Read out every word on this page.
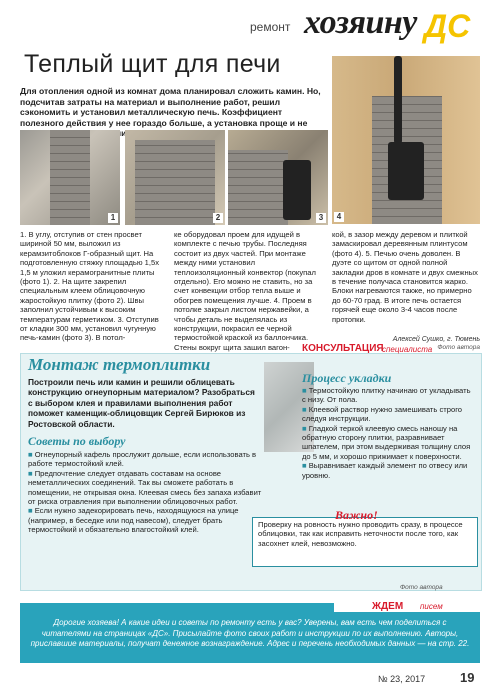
ремонт хозяину ДС
Теплый щит для печи
Для отопления одной из комнат дома планировал сложить камин. Но, подсчитав затраты на материал и выполнение работ, решил сэкономить и установил металлическую печь. Коэффициент полезного действия у нее гораздо больше, а установка проще и не
1	2	3	4
1. В углу, отступив от стен просвет шириной 50 мм, выложил из керамзитоблоков Г-образный щит. На подготовленную стяжку площадью 1,5х 1,5 м уложил керамогранитные плиты (фото 1). 2. На щите закрепил специальным клеем облицовочную жаростойкую плитку (фото 2). Швы заполнил устойчивым к высоким температурам герметиком. 3. Отступив от кладки 300 мм, установил чугунную печь-камин (фото 3). В потол-
ке оборудовал проем для идущей в комплекте с печью трубы. Последняя состоит из двух частей. При монтаже между ними установил теплоизоляционный конвектор (покупал отдельно). Его можно не ставить, но за счет конвекции отбор тепла выше и обогрев помещения лучше. 4. Проем в потолке закрыл листом нержавейки, а чтобы деталь не выделялась из конструкции, покрасил ее черной термостойкой краской из баллончика. Стены вокруг щита зашил вагон-
кой, в зазор между деревом и плиткой замаскировал деревянным плинтусом (фото 4). 5. Печью очень доволен. В дуэте со щитом от одной полной закладки дров в комнате и двух смежных в течение получаса становится жарко. Блоки нагреваются также, но примерно до 60-70 град. В итоге печь остается горячей еще около 3-4 часов после протопки.
Алексей Сушко, г. Тюмень
Фото автора
КОНСУЛЬТАЦИЯ
специалиста
Монтаж термоплитки
Построили печь или камин и решили облицевать конструкцию огнеупорным материалом? Разобраться с выбором клея и правилами выполнения работ поможет каменщик-облицовщик Сергей Бирюков из Ростовской области.
Советы по выбору

■ Огнеупорный кафель прослужит дольше, если использовать в работе термостойкий клей.

■ Предпочтение следует отдавать составам на основе неметаллических соединений. Так вы сможете работать в помещении, не открывая окна. Клеевая смесь без запаха избавит от риска отравления при выполнении облицовочных работ.

■ Если нужно задекорировать печь, находящуюся на улице (например, в беседке или под навесом), следует брать термостойкий и обязательно влагостойкий клей.

Процесс укладки

■ Термостойкую плитку начинаю от укладывать с низу. От пола.

■ Клеевой раствор нужно замешивать строго следуя инструкции.

■ Гладкой теркой клеевую смесь наношу на обратную сторону плитки, разравнивает шпателем, при этом выдерживая толщину слоя до 5 мм, и хорошо прижимает к поверхности.

■ Выравнивает каждый элемент по отвесу или уровню.

Важно!
Проверку на ровность нужно проводить сразу, в процессе облицовки, так как исправить неточности после того, как засохнет клей, невозможно.
Фото автора
ЖДЕМ писем
Дорогие хозяева! А какие идеи и советы по ремонту есть у вас? Уверены, вам есть чем поделиться с читателями на страницах «ДС». Присылайте фото своих работ и инструкции по их выполнению. Авторы, приславшие материалы, получат денежное вознаграждение. Адрес и перечень необходимых данных — на стр. 22.
№ 23, 2017	19
